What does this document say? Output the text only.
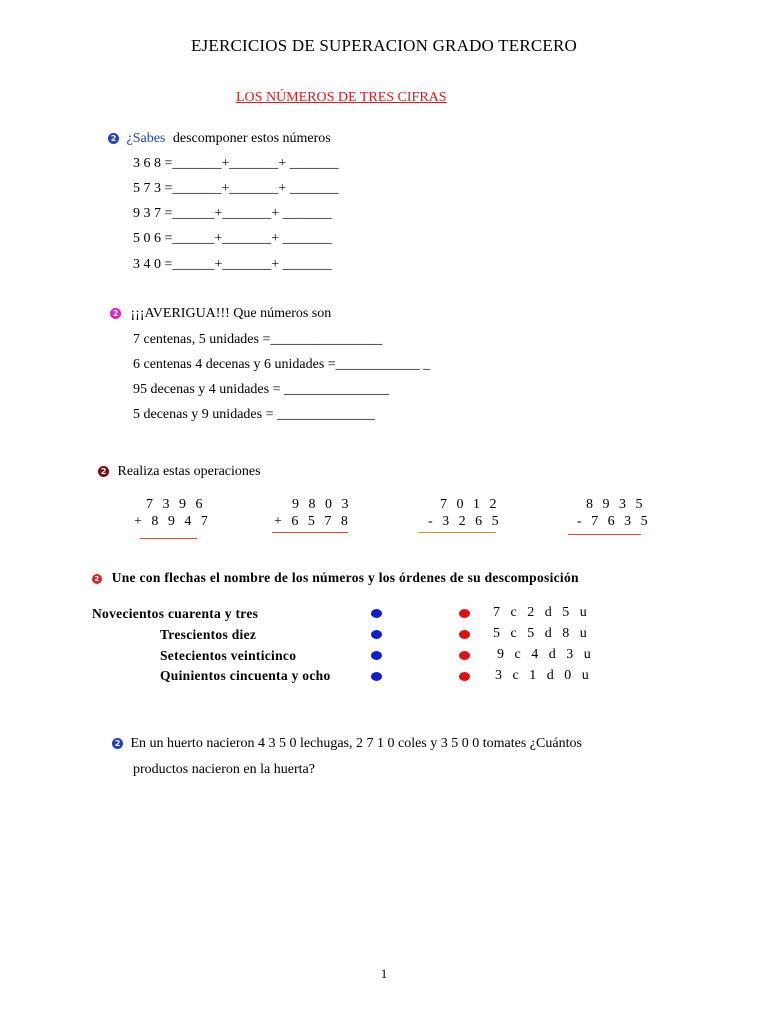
EJERCICIOS DE SUPERACION GRADO TERCERO
LOS NÚMEROS DE TRES CIFRAS
2 ¿Sabes descomponer estos números
3 6 8 =_______+_______+ _______
5 7 3 =_______+_______+ _______
9 3 7 =______+_______+ _______
5 0 6 =______+_______+ _______
3 4 0 =______+_______+ _______
2 ¡¡¡AVERIGUA!!! Que números son
7 centenas, 5 unidades =________________
6 centenas 4 decenas y 6 unidades =____________ _
95 decenas y 4 unidades = _______________
5 decenas y 9 unidades = ______________
2 Realiza estas operaciones
7 3 9 6
+ 8 9 4 7
9 8 0 3
+ 6 5 7 8
7 0 1 2
- 3 2 6 5
8 9 3 5
- 7 6 3 5
2 Une con flechas el nombre de los números y los órdenes de su descomposición
Novecientos cuarenta y tres
Trescientos diez
Setecientos veinticinco
Quinientos cincuenta y ocho
7 c 2 d 5 u
5 c 5 d 8 u
9 c 4 d 3 u
3 c 1 d 0 u
2 En un huerto nacieron 4 3 5 0 lechugas, 2 7 1 0 coles y 3 5 0 0 tomates ¿Cuántos
productos nacieron en la huerta?
1
